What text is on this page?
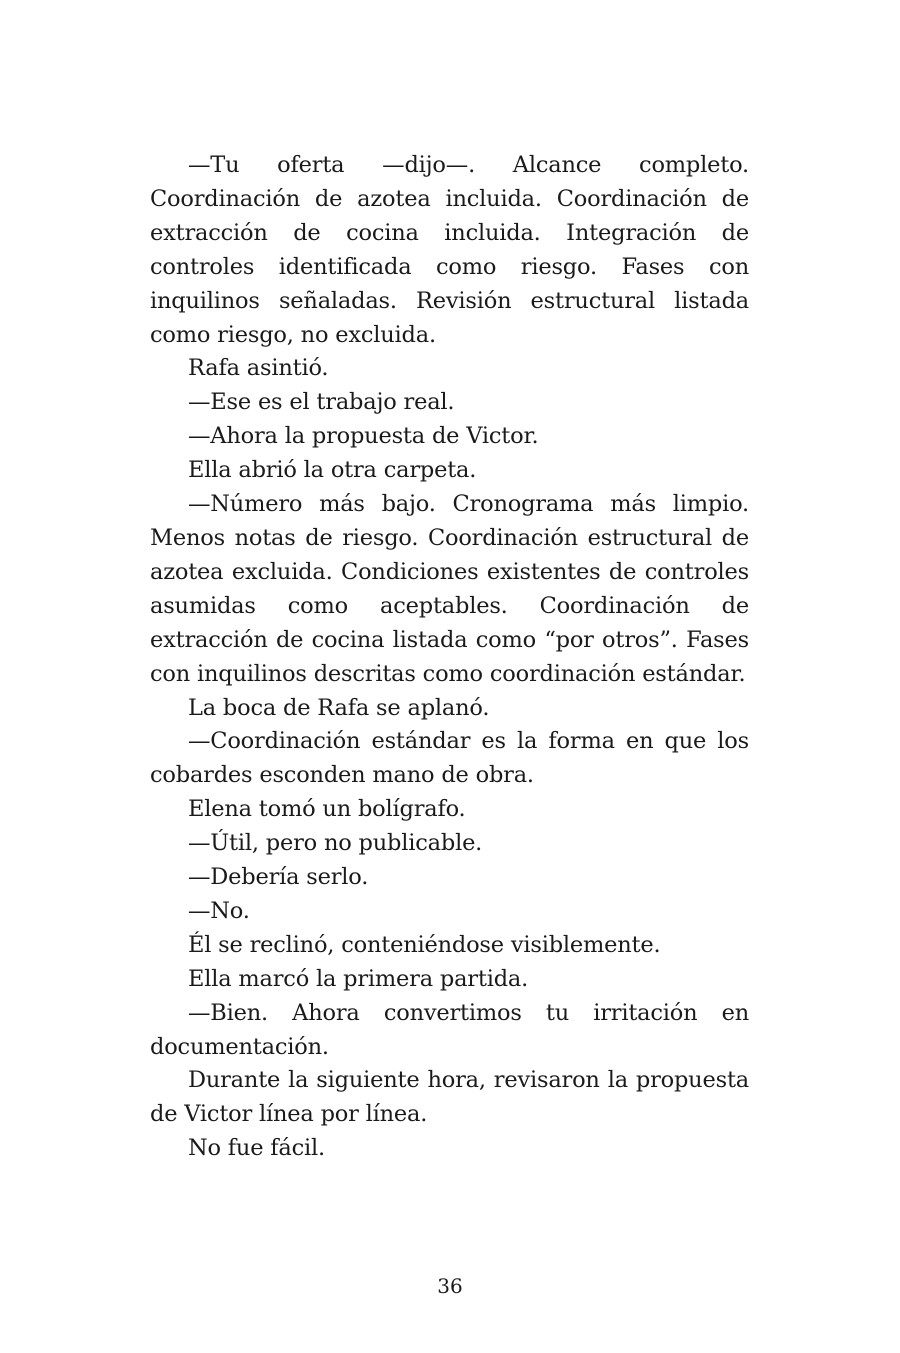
—Tu oferta —dijo—. Alcance completo. Coordinación de azotea incluida. Coordinación de extracción de cocina incluida. Integración de controles identificada como riesgo. Fases con inquilinos señaladas. Revisión estructural listada como riesgo, no excluida.

Rafa asintió.

—Ese es el trabajo real.

—Ahora la propuesta de Victor.

Ella abrió la otra carpeta.

—Número más bajo. Cronograma más limpio. Menos notas de riesgo. Coordinación estructural de azotea excluida. Condiciones existentes de controles asumidas como aceptables. Coordinación de extracción de cocina listada como “por otros”. Fases con inquilinos descritas como coordinación estándar.

La boca de Rafa se aplanó.

—Coordinación estándar es la forma en que los cobardes esconden mano de obra.

Elena tomó un bolígrafo.

—Útil, pero no publicable.

—Debería serlo.

—No.

Él se reclinó, conteniéndose visiblemente.

Ella marcó la primera partida.

—Bien. Ahora convertimos tu irritación en documentación.

Durante la siguiente hora, revisaron la propuesta de Victor línea por línea.

No fue fácil.

36
